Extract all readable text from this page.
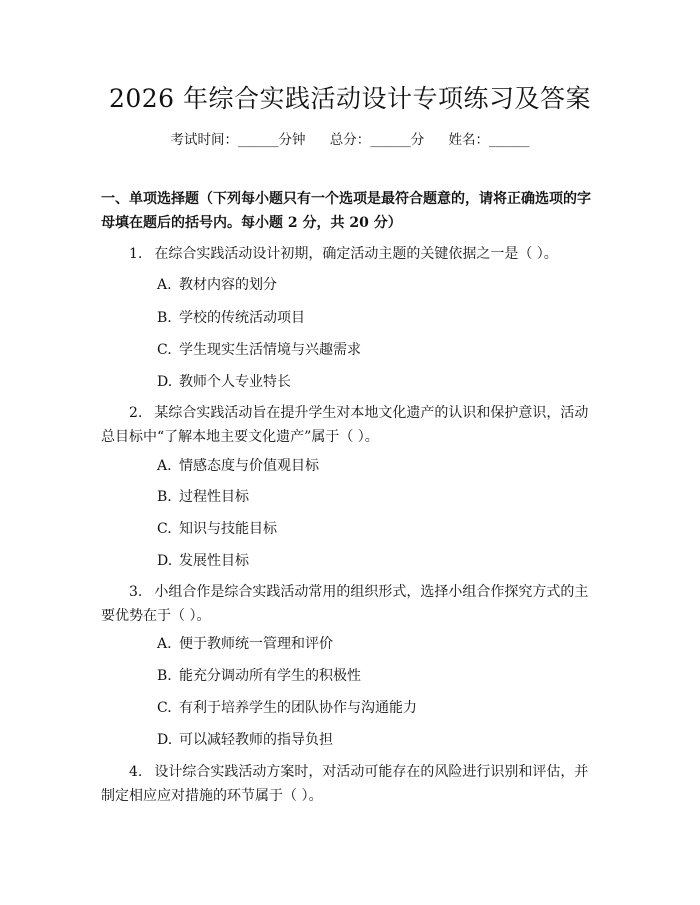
2026 年综合实践活动设计专项练习及答案
考试时间：______分钟 总分：______分 姓名：______
一、单项选择题（下列每小题只有一个选项是最符合题意的，请将正确选项的字母填在题后的括号内。每小题 2 分，共 20 分）
1. 在综合实践活动设计初期，确定活动主题的关键依据之一是（ ）。
A. 教材内容的划分
B. 学校的传统活动项目
C. 学生现实生活情境与兴趣需求
D. 教师个人专业特长
2. 某综合实践活动旨在提升学生对本地文化遗产的认识和保护意识，活动总目标中“了解本地主要文化遗产”属于（ ）。
A. 情感态度与价值观目标
B. 过程性目标
C. 知识与技能目标
D. 发展性目标
3. 小组合作是综合实践活动常用的组织形式，选择小组合作探究方式的主要优势在于（ ）。
A. 便于教师统一管理和评价
B. 能充分调动所有学生的积极性
C. 有利于培养学生的团队协作与沟通能力
D. 可以减轻教师的指导负担
4. 设计综合实践活动方案时，对活动可能存在的风险进行识别和评估，并制定相应应对措施的环节属于（ ）。
